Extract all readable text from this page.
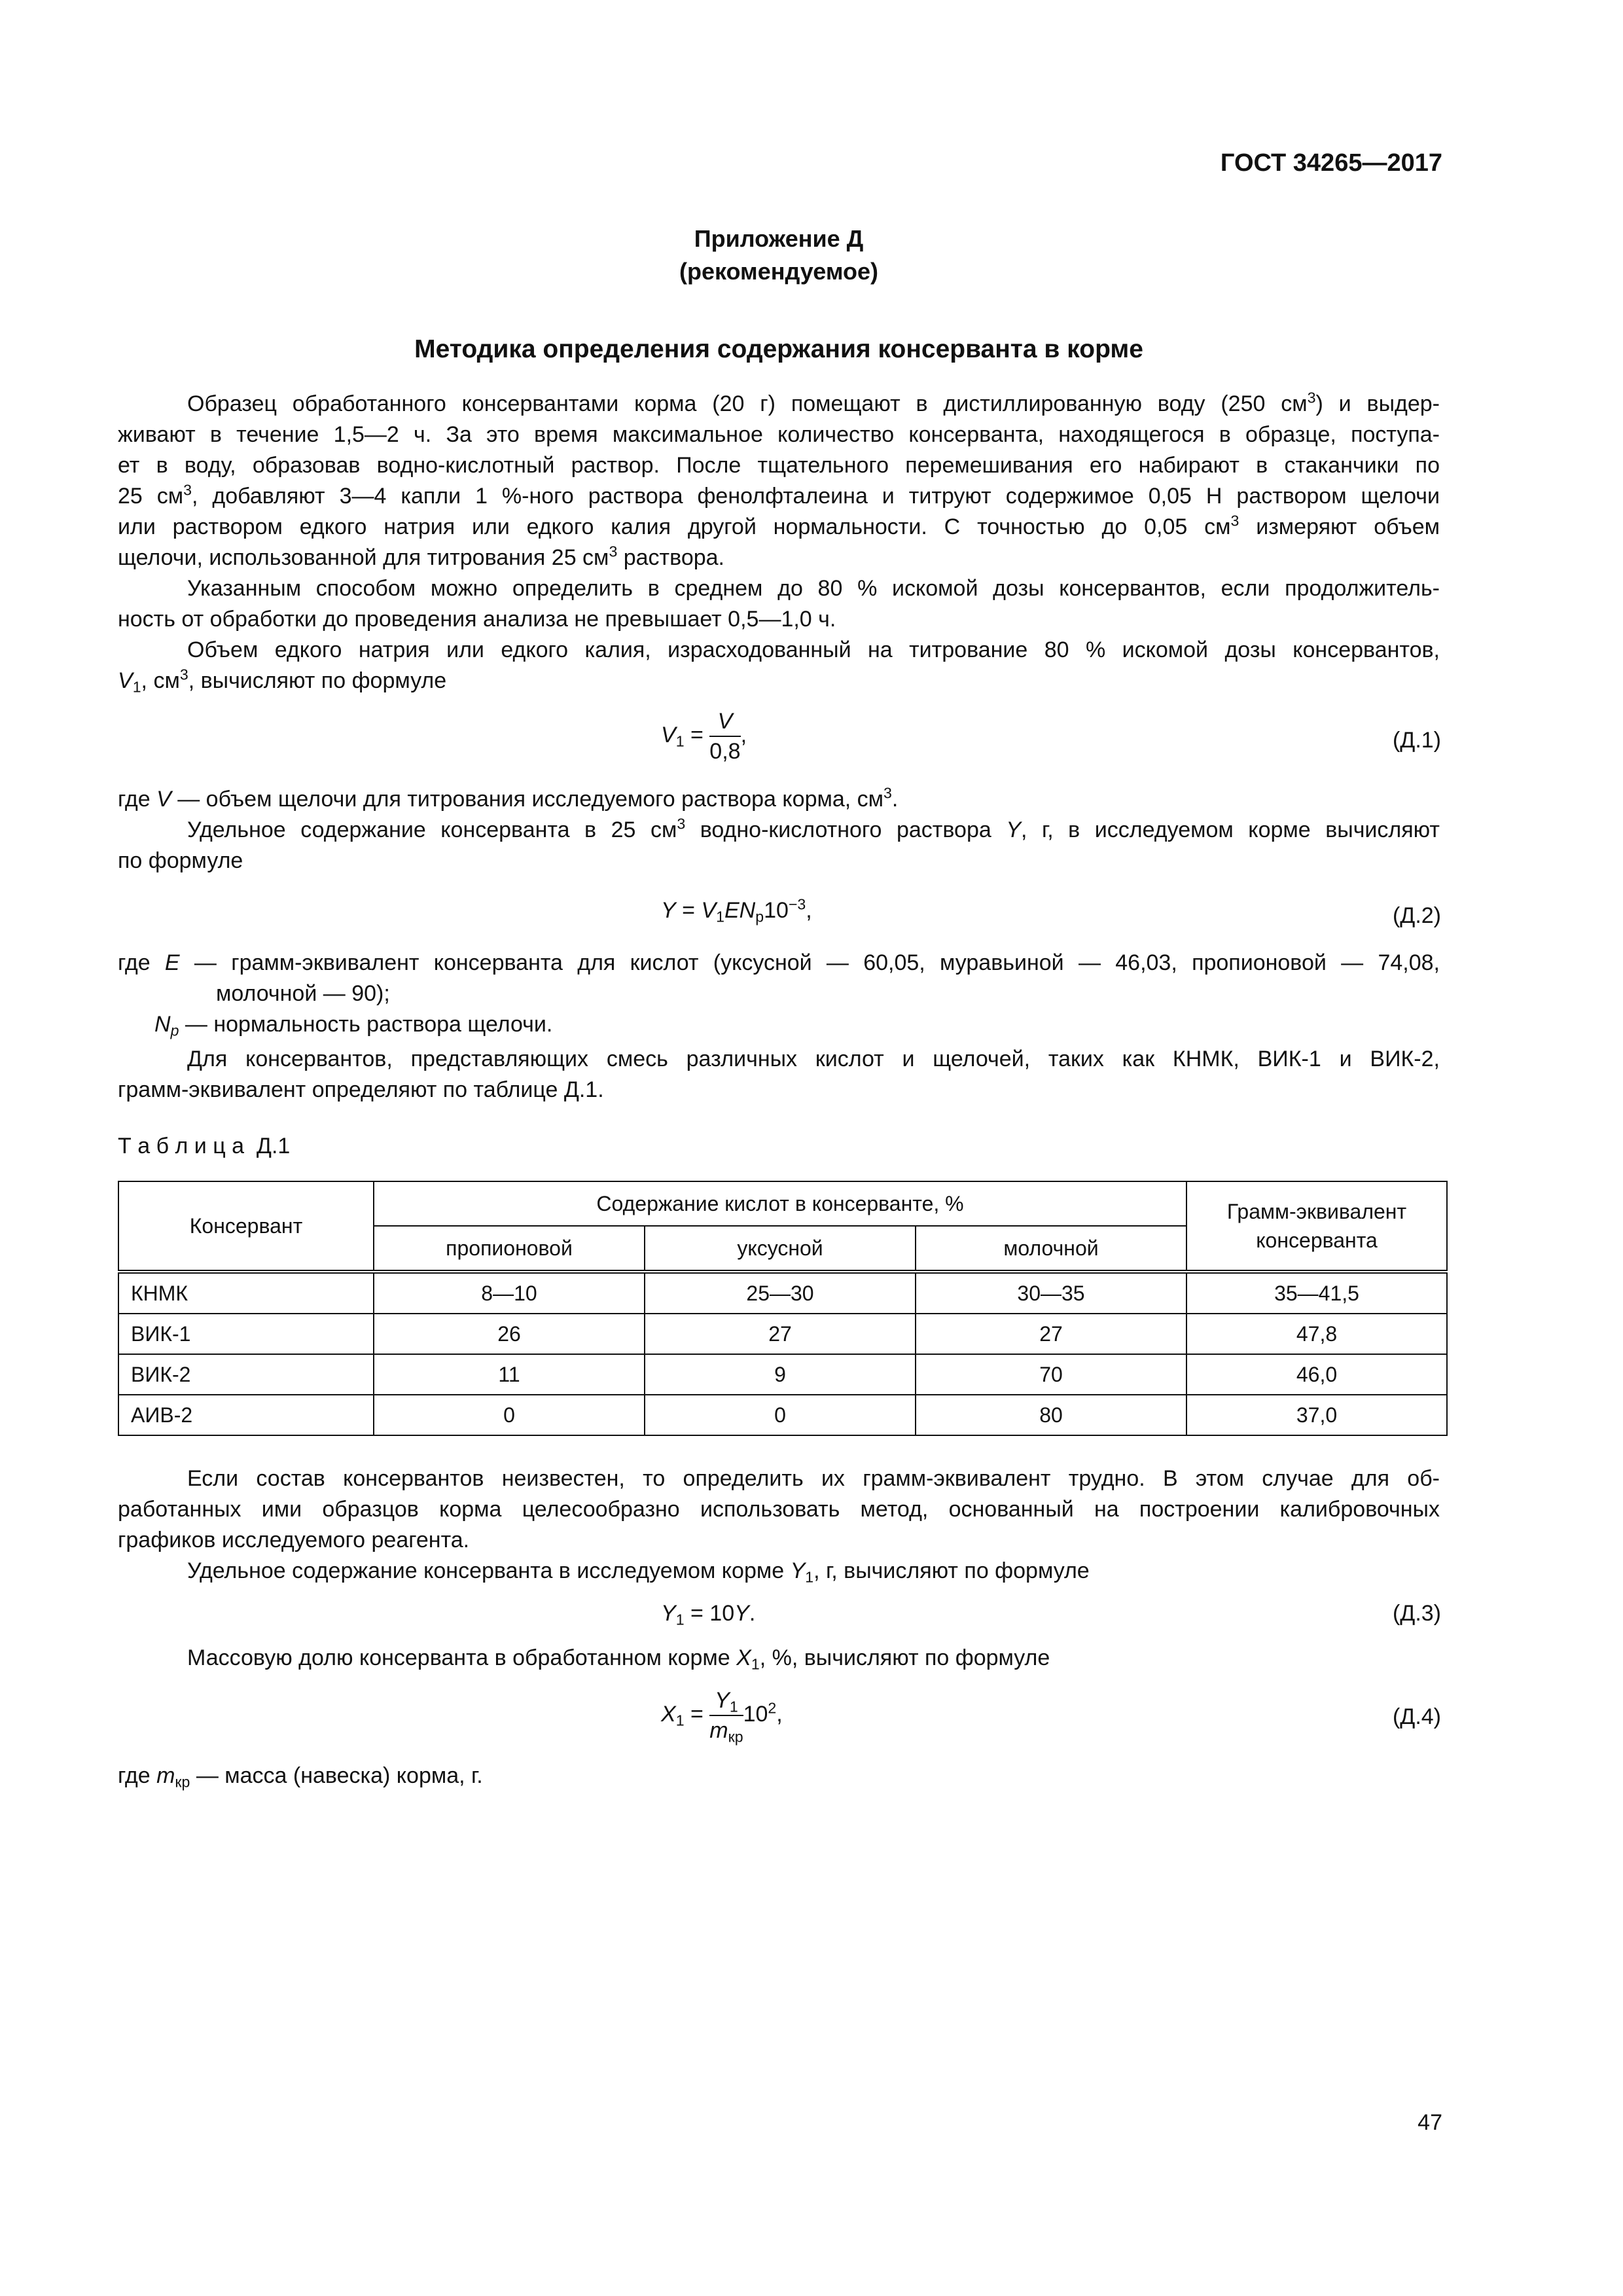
ГОСТ 34265—2017
Приложение Д
(рекомендуемое)
Методика определения содержания консерванта в корме
Образец обработанного консервантами корма (20 г) помещают в дистиллированную воду (250 $см^3$) и выдер-
живают в течение 1,5—2 ч. За это время максимальное количество консерванта, находящегося в образце, поступа-
ет в воду, образовав водно-кислотный раствор. После тщательного перемешивания его набирают в стаканчики по
25 $см^3$, добавляют 3—4 капли 1 %-ного раствора фенолфталеина и титруют содержимое 0,05 Н раствором щелочи
или раствором едкого натрия или едкого калия другой нормальности. С точностью до 0,05 $см^3$ измеряют объем
щелочи, использованной для титрования 25 $см^3$ раствора.
Указанным способом можно определить в среднем до 80 % искомой дозы консервантов, если продолжитель-
ность от обработки до проведения анализа не превышает 0,5—1,0 ч.
Объем едкого натрия или едкого калия, израсходованный на титрование 80 % искомой дозы консервантов,
$V_1$, $см^3$, вычисляют по формуле
$V_1 = \frac{V}{0,8}$ ,	(Д.1)
где V — объем щелочи для титрования исследуемого раствора корма, $см^3$.
Удельное содержание консерванта в 25 $см^3$ водно-кислотного раствора Y, г, в исследуемом корме вычисляют
по формуле
$Y = V_1EN_p10^{-3}$,	(Д.2)
где E — грамм-эквивалент консерванта для кислот (уксусной — 60,05, муравьиной — 46,03, пропионовой — 74,08,
молочной — 90);
$N_p$ — нормальность раствора щелочи.
Для консервантов, представляющих смесь различных кислот и щелочей, таких как КНМК, ВИК-1 и ВИК-2,
грамм-эквивалент определяют по таблице Д.1.
Т а б л и ц а  Д.1
Консервант	Содержание кислот в консерванте, %			Грамм-эквивалент
консерванта
	пропионовой	уксусной	молочной	
КНМК	8—10	25—30	30—35	35—41,5
ВИК-1	26	27	27	47,8
ВИК-2	11	9	70	46,0
АИВ-2	0	0	80	37,0
Если состав консервантов неизвестен, то определить их грамм-эквивалент трудно. В этом случае для об-
работанных ими образцов корма целесообразно использовать метод, основанный на построении калибровочных
графиков исследуемого реагента.
Удельное содержание консерванта в исследуемом корме $Y_1$, г, вычисляют по формуле
$Y_1 = 10Y$.	(Д.3)
Массовую долю консерванта в обработанном корме $X_1$, %, вычисляют по формуле
$X_1 = \frac{Y_1}{m_{кр}} 10^2$,	(Д.4)
где $m_{кр}$ — масса (навеска) корма, г.
47
